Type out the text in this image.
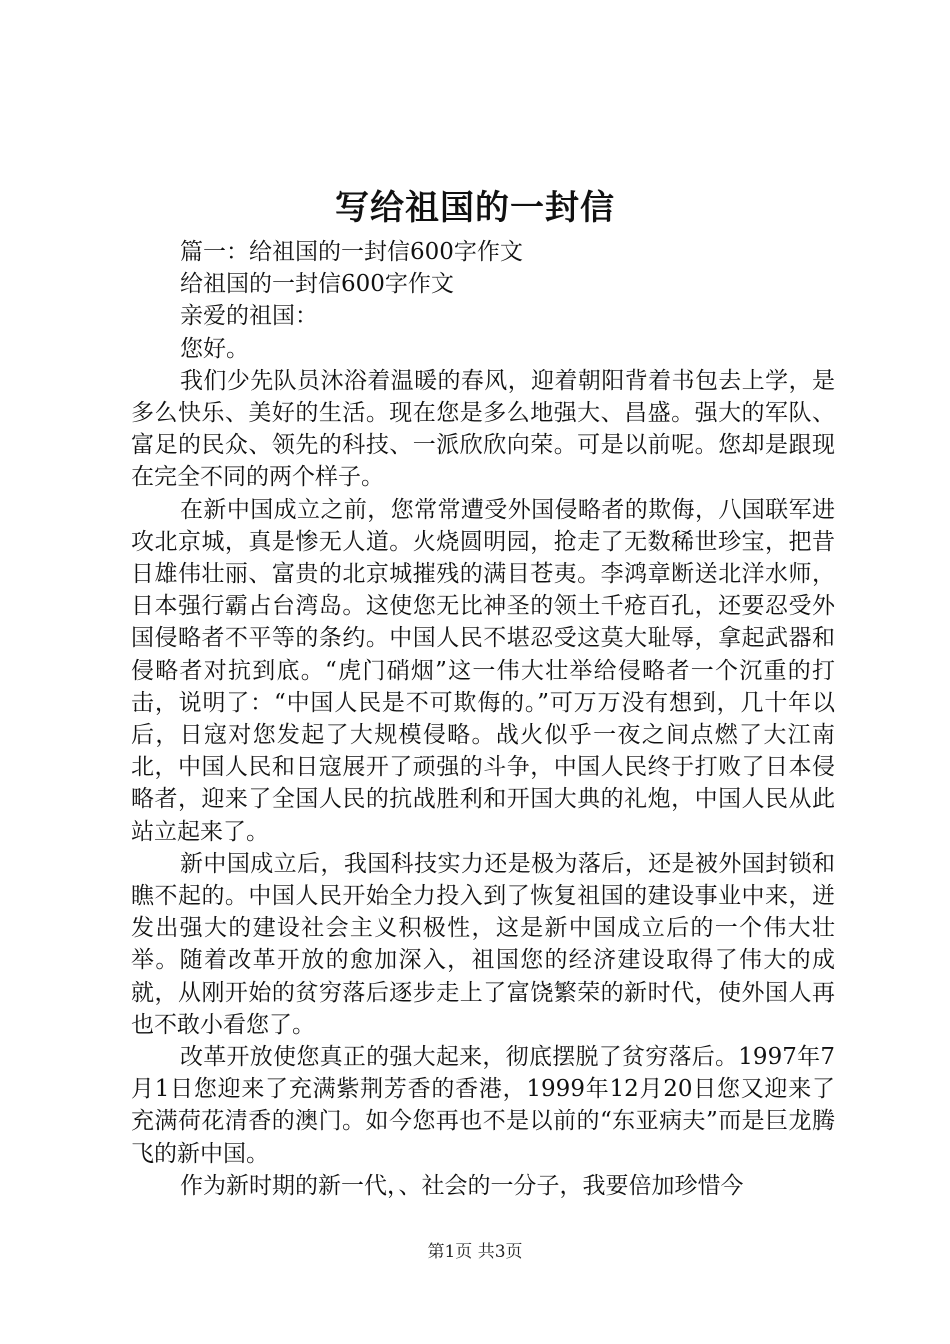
写给祖国的一封信
篇一：给祖国的一封信600字作文
给祖国的一封信600字作文
亲爱的祖国：
您好。
我们少先队员沐浴着温暖的春风，迎着朝阳背着书包去上学，是多么快乐、美好的生活。现在您是多么地强大、昌盛。强大的军队、富足的民众、领先的科技、一派欣欣向荣。可是以前呢。您却是跟现在完全不同的两个样子。
在新中国成立之前，您常常遭受外国侵略者的欺侮，八国联军进攻北京城，真是惨无人道。火烧圆明园，抢走了无数稀世珍宝，把昔日雄伟壮丽、富贵的北京城摧残的满目苍夷。李鸿章断送北洋水师，日本强行霸占台湾岛。这使您无比神圣的领土千疮百孔，还要忍受外国侵略者不平等的条约。中国人民不堪忍受这莫大耻辱，拿起武器和侵略者对抗到底。“虎门硝烟”这一伟大壮举给侵略者一个沉重的打击，说明了：“中国人民是不可欺侮的。”可万万没有想到，几十年以后，日寇对您发起了大规模侵略。战火似乎一夜之间点燃了大江南北，中国人民和日寇展开了顽强的斗争，中国人民终于打败了日本侵略者，迎来了全国人民的抗战胜利和开国大典的礼炮，中国人民从此站立起来了。
新中国成立后，我国科技实力还是极为落后，还是被外国封锁和瞧不起的。中国人民开始全力投入到了恢复祖国的建设事业中来，迸发出强大的建设社会主义积极性，这是新中国成立后的一个伟大壮举。随着改革开放的愈加深入，祖国您的经济建设取得了伟大的成就，从刚开始的贫穷落后逐步走上了富饶繁荣的新时代，使外国人再也不敢小看您了。
改革开放使您真正的强大起来，彻底摆脱了贫穷落后。1997年7月1日您迎来了充满紫荆芳香的香港，1999年12月20日您又迎来了充满荷花清香的澳门。如今您再也不是以前的“东亚病夫”而是巨龙腾飞的新中国。
作为新时期的新一代，、社会的一分子，我要倍加珍惜今
第1页 共3页
